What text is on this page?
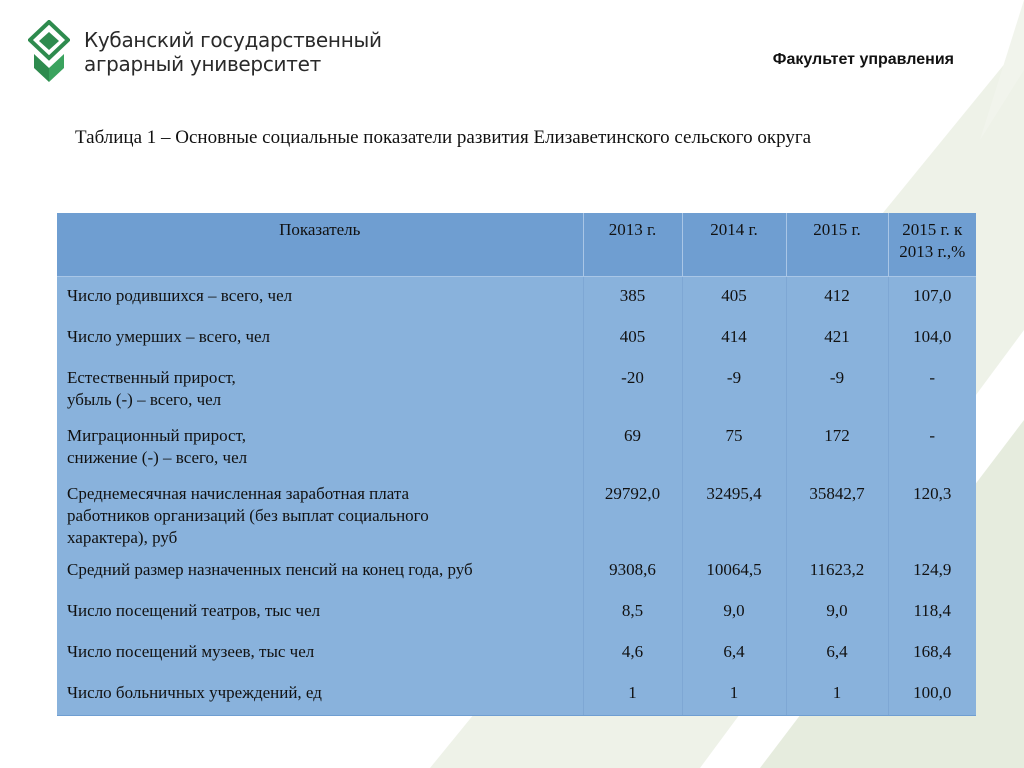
Кубанский государственный
аграрный университет	Факультет управления
Таблица 1 – Основные социальные показатели развития Елизаветинского сельского округа
Показатель	2013 г.	2014 г.	2015 г.	2015 г. к
2013 г.,%
Число родившихся – всего, чел	385	405	412	107,0
Число умерших – всего, чел	405	414	421	104,0
Естественный прирост,
убыль (-) – всего, чел	-20	-9	-9	-
Миграционный прирост,
снижение (-) – всего, чел	69	75	172	-
Среднемесячная начисленная заработная плата
работников организаций (без выплат социального
характера), руб	29792,0	32495,4	35842,7	120,3
Средний размер назначенных пенсий на конец года, руб	9308,6	10064,5	11623,2	124,9
Число посещений театров, тыс чел	8,5	9,0	9,0	118,4
Число посещений музеев, тыс чел	4,6	6,4	6,4	168,4
Число больничных учреждений, ед	1	1	1	100,0
